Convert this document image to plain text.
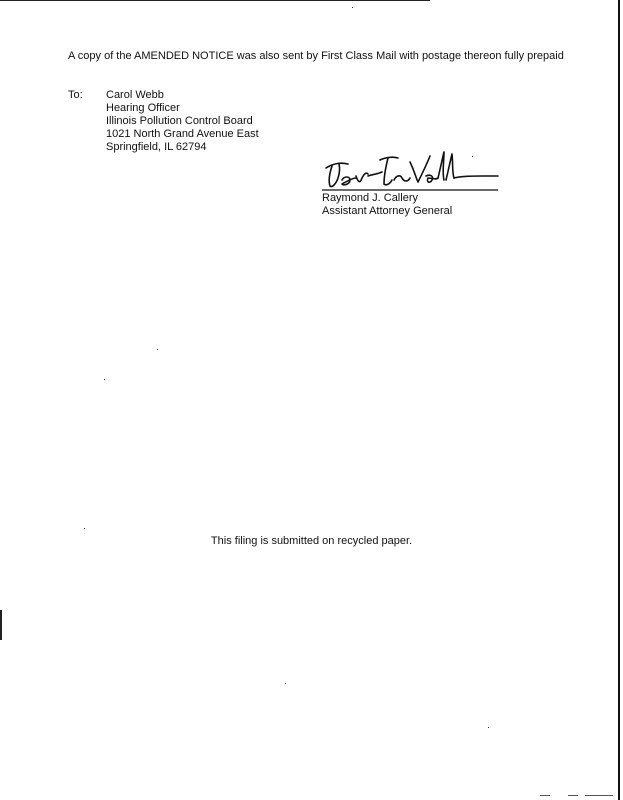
A copy of the AMENDED NOTICE was also sent by First Class Mail with postage thereon fully prepaid
To: Carol Webb
Hearing Officer
Illinois Pollution Control Board
1021 North Grand Avenue East
Springfield, IL 62794
Raymond J. Callery
Assistant Attorney General
This filing is submitted on recycled paper.
